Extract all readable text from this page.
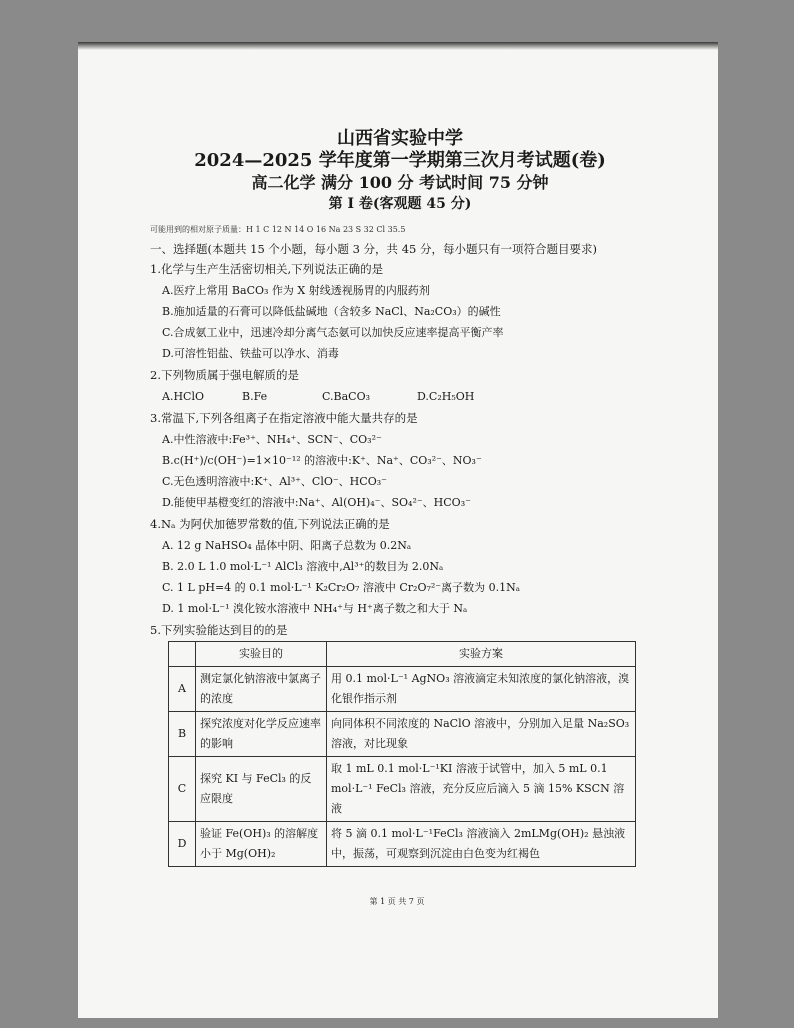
山西省实验中学

2024—2025 学年度第一学期第三次月考试题(卷)

高二化学 满分 100 分 考试时间 75 分钟

第 I 卷(客观题 45 分)

可能用到的相对原子质量：H 1 C 12 N 14 O 16 Na 23 S 32 Cl 35.5
一、选择题(本题共 15 个小题，每小题 3 分，共 45 分，每小题只有一项符合题目要求)

1.化学与生产生活密切相关,下列说法正确的是

A.医疗上常用 BaCO₃ 作为 X 射线透视肠胃的内服药剂
B.施加适量的石膏可以降低盐碱地（含较多 NaCl、Na₂CO₃）的碱性
C.合成氨工业中，迅速冷却分离气态氨可以加快反应速率提高平衡产率
D.可溶性铝盐、铁盐可以净水、消毒

2.下列物质属于强电解质的是

A.HClO	B.Fe	C.BaCO₃	D.C₂H₅OH

3.常温下,下列各组离子在指定溶液中能大量共存的是

A.中性溶液中:Fe³⁺、NH₄⁺、SCN⁻、CO₃²⁻
B.c(H⁺)/c(OH⁻)=1×10⁻¹² 的溶液中:K⁺、Na⁺、CO₃²⁻、NO₃⁻
C.无色透明溶液中:K⁺、Al³⁺、ClO⁻、HCO₃⁻
D.能使甲基橙变红的溶液中:Na⁺、Al(OH)₄⁻、SO₄²⁻、HCO₃⁻

4.Nₐ 为阿伏加德罗常数的值,下列说法正确的是

A. 12 g NaHSO₄ 晶体中阴、阳离子总数为 0.2Nₐ
B. 2.0 L 1.0 mol·L⁻¹ AlCl₃ 溶液中,Al³⁺的数目为 2.0Nₐ
C. 1 L pH=4 的 0.1 mol·L⁻¹ K₂Cr₂O₇ 溶液中 Cr₂O₇²⁻离子数为 0.1Nₐ
D. 1 mol·L⁻¹ 溴化铵水溶液中 NH₄⁺与 H⁺离子数之和大于 Nₐ

5.下列实验能达到目的的是

	实验目的	实验方案
A	测定氯化钠溶液中氯离子的浓度	用 0.1 mol·L⁻¹ AgNO₃ 溶液滴定未知浓度的氯化钠溶液，溴化银作指示剂
B	探究浓度对化学反应速率的影响	向同体积不同浓度的 NaClO 溶液中，分别加入足量 Na₂SO₃ 溶液，对比现象
C	探究 KI 与 FeCl₃ 的反应限度	取 1 mL 0.1 mol·L⁻¹KI 溶液于试管中，加入 5 mL 0.1 mol·L⁻¹ FeCl₃ 溶液，充分反应后滴入 5 滴 15% KSCN 溶液
D	验证 Fe(OH)₃ 的溶解度小于 Mg(OH)₂	将 5 滴 0.1 mol·L⁻¹FeCl₃ 溶液滴入 2mLMg(OH)₂ 悬浊液中，振荡，可观察到沉淀由白色变为红褐色
第 1 页 共 7 页
